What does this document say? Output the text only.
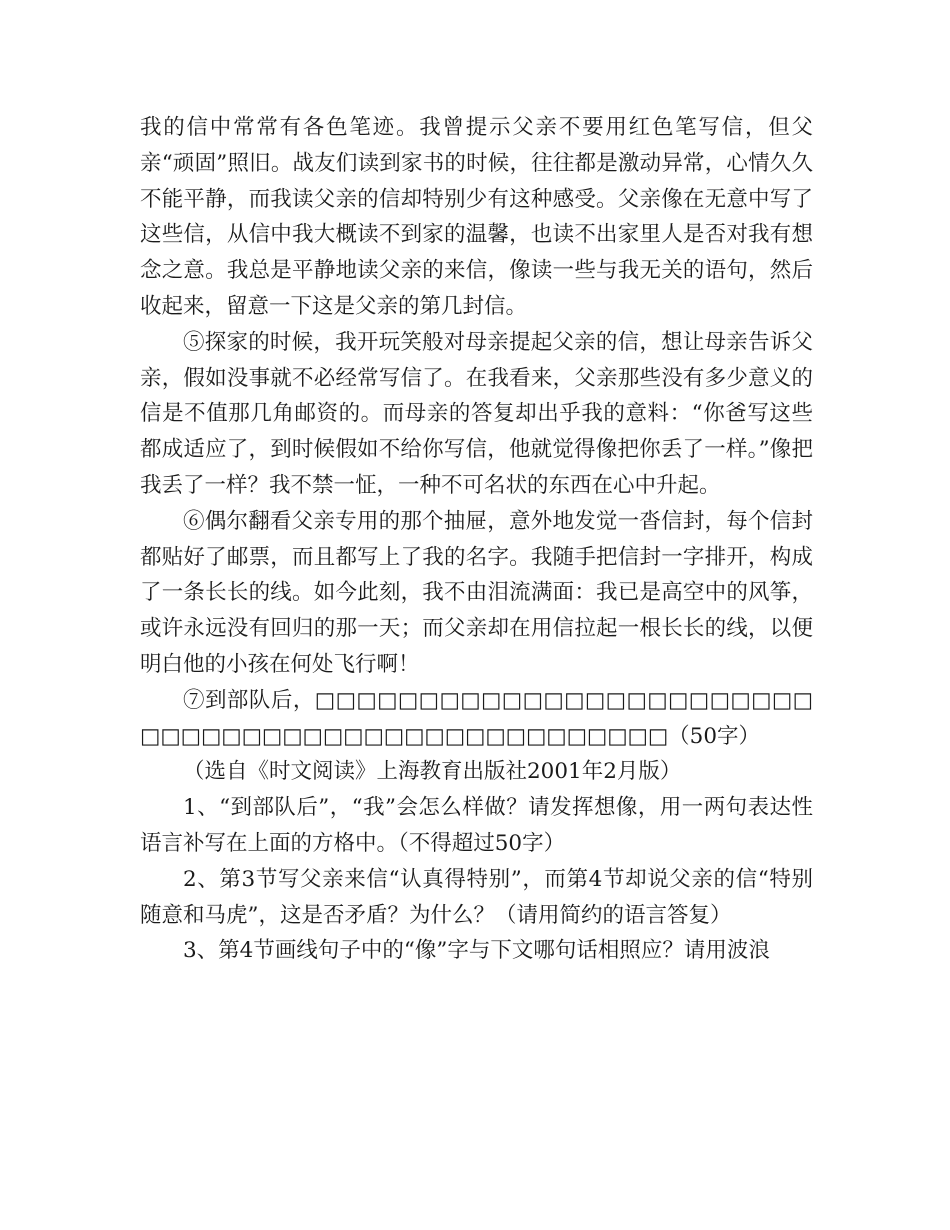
我的信中常常有各色笔迹。我曾提示父亲不要用红色笔写信，但父亲“顽固”照旧。战友们读到家书的时候，往往都是激动异常，心情久久不能平静，而我读父亲的信却特别少有这种感受。父亲像在无意中写了这些信，从信中我大概读不到家的温馨，也读不出家里人是否对我有想念之意。我总是平静地读父亲的来信，像读一些与我无关的语句，然后收起来，留意一下这是父亲的第几封信。

⑤探家的时候，我开玩笑般对母亲提起父亲的信，想让母亲告诉父亲，假如没事就不必经常写信了。在我看来，父亲那些没有多少意义的信是不值那几角邮资的。而母亲的答复却出乎我的意料：“你爸写这些都成适应了，到时候假如不给你写信，他就觉得像把你丢了一样。”像把我丢了一样？我不禁一怔，一种不可名状的东西在心中升起。

⑥偶尔翻看父亲专用的那个抽屉，意外地发觉一沓信封，每个信封都贴好了邮票，而且都写上了我的名字。我随手把信封一字排开，构成了一条长长的线。如今此刻，我不由泪流满面：我已是高空中的风筝，或许永远没有回归的那一天；而父亲却在用信拉起一根长长的线，以便明白他的小孩在何处飞行啊！

⑦到部队后，□□□□□□□□□□□□□□□□□□□□□□□□□□□□□□□□□□□□□□□□□□□□□□□□□□（50字）

（选自《时文阅读》上海教育出版社2001年2月版）

1、“到部队后”，“我”会怎么样做？请发挥想像，用一两句表达性语言补写在上面的方格中。（不得超过50字）

2、第3节写父亲来信“认真得特别”，而第4节却说父亲的信“特别随意和马虎”，这是否矛盾？为什么？（请用简约的语言答复）

3、第4节画线句子中的“像”字与下文哪句话相照应？请用波浪
